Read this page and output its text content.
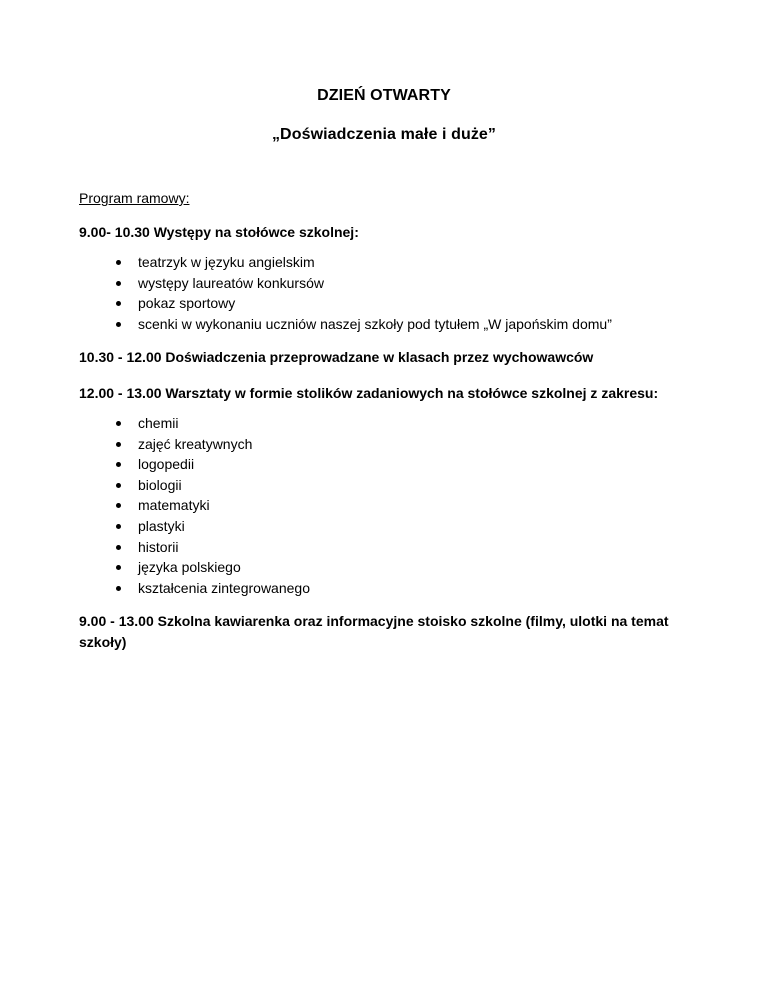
DZIEŃ OTWARTY
„Doświadczenia małe i duże”
Program ramowy:
9.00- 10.30 Występy na stołówce szkolnej:
teatrzyk w języku angielskim
występy laureatów konkursów
pokaz sportowy
scenki w wykonaniu uczniów naszej szkoły pod tytułem „W japońskim domu”
10.30 - 12.00 Doświadczenia przeprowadzane w klasach przez wychowawców
12.00 - 13.00 Warsztaty w formie stolików zadaniowych na stołówce szkolnej z zakresu:
chemii
zajęć kreatywnych
logopedii
biologii
matematyki
plastyki
historii
języka polskiego
kształcenia zintegrowanego
9.00 - 13.00 Szkolna kawiarenka oraz informacyjne stoisko szkolne (filmy, ulotki na temat szkoły)
